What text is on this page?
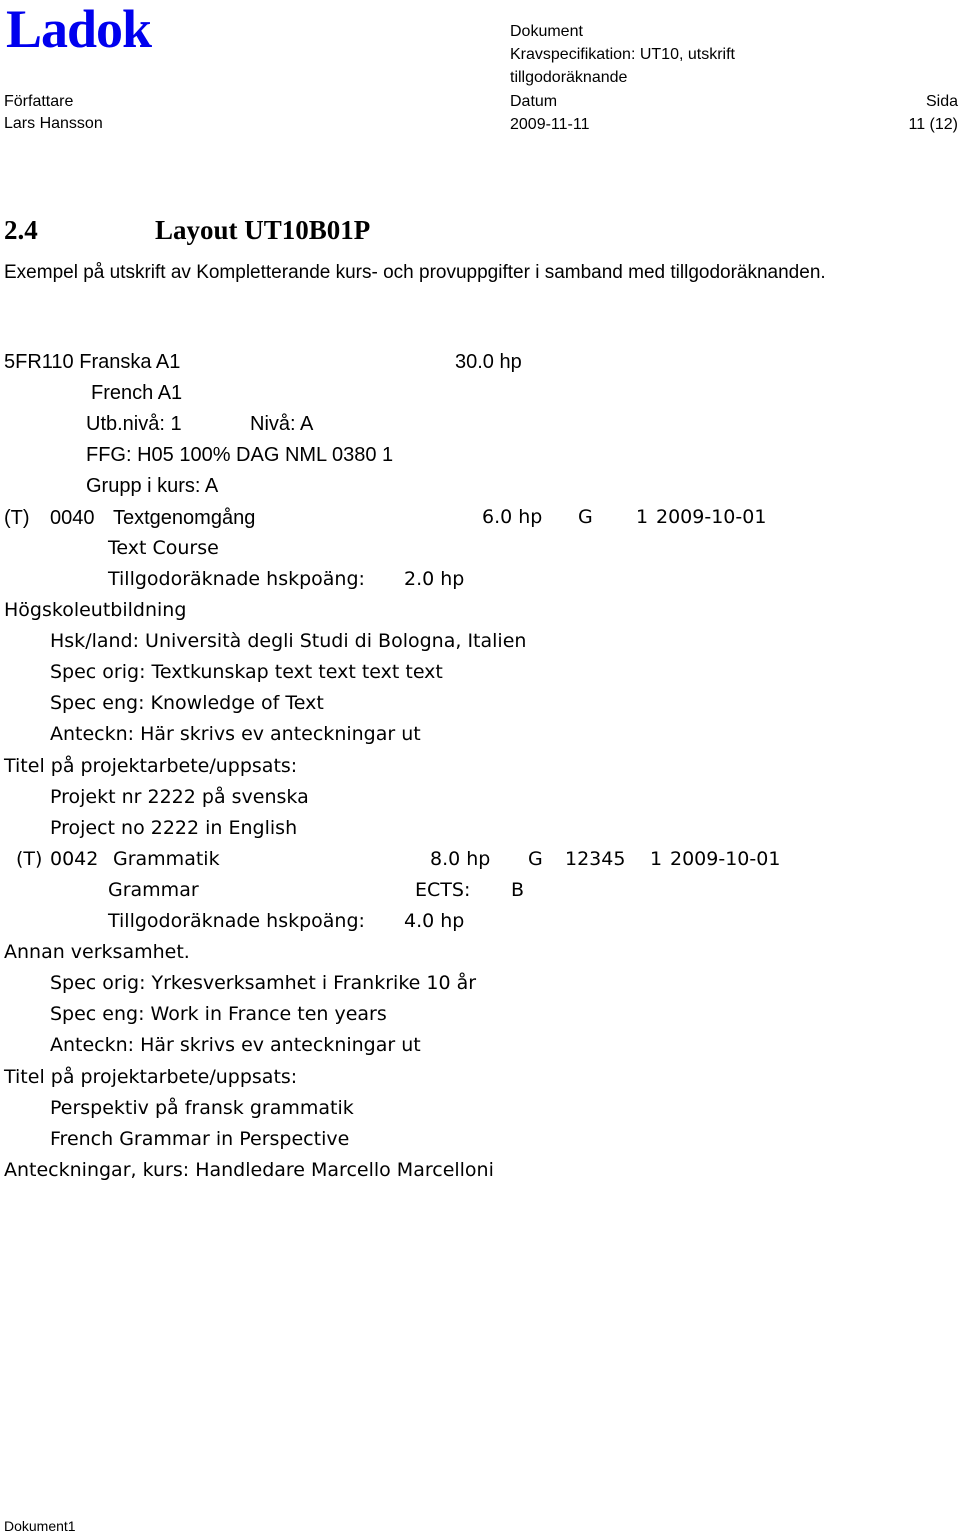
Ladok	Dokument
Kravspecifikation: UT10, utskrift
tillgodoräknande
Författare
Lars Hansson
Datum
2009-11-11
Sida
11 (12)
2.4	Layout UT10B01P
Exempel på utskrift av Kompletterande kurs- och provuppgifter i samband med tillgodoräknanden.
5FR110 Franska A1	30.0 hp
French A1
Utb.nivå: 1	Nivå: A
FFG: H05 100% DAG NML 0380 1
Grupp i kurs: A
(T) 0040 Textgenomgång	6.0 hp G 1 2009-10-01
Text Course
Tillgodoräknade hskpoäng: 2.0 hp
Högskoleutbildning
Hsk/land: Università degli Studi di Bologna, Italien
Spec orig: Textkunskap text text text text
Spec eng: Knowledge of Text
Anteckn: Här skrivs ev anteckningar ut
Titel på projektarbete/uppsats:
Projekt nr 2222 på svenska
Project no 2222 in English
(T) 0042 Grammatik	8.0 hp G 12345 1 2009-10-01
Grammar	ECTS: B
Tillgodoräknade hskpoäng: 4.0 hp
Annan verksamhet.
Spec orig: Yrkesverksamhet i Frankrike 10 år
Spec eng: Work in France ten years
Anteckn: Här skrivs ev anteckningar ut
Titel på projektarbete/uppsats:
Perspektiv på fransk grammatik
French Grammar in Perspective
Anteckningar, kurs: Handledare Marcello Marcelloni
Dokument1
